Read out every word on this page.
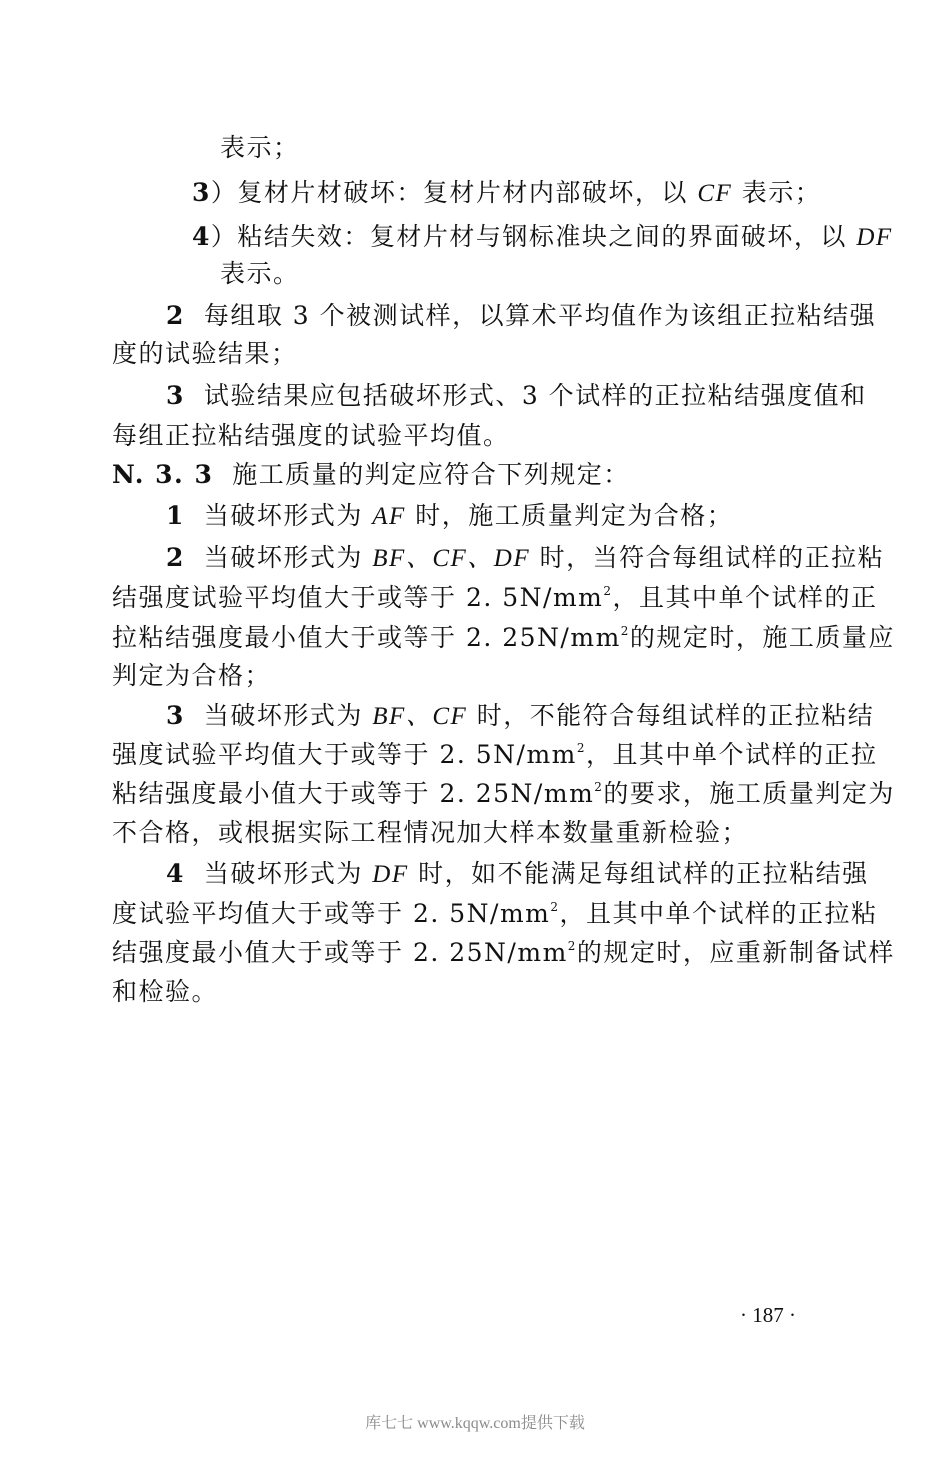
表示；
3）复材片材破坏：复材片材内部破坏，以 CF 表示；
4）粘结失效：复材片材与钢标准块之间的界面破坏，以 DF
表示。
2 每组取 3 个被测试样，以算术平均值作为该组正拉粘结强
度的试验结果；
3 试验结果应包括破坏形式、3 个试样的正拉粘结强度值和
每组正拉粘结强度的试验平均值。
N. 3. 3 施工质量的判定应符合下列规定：
1 当破坏形式为 AF 时，施工质量判定为合格；
2 当破坏形式为 BF、CF、DF 时，当符合每组试样的正拉粘
结强度试验平均值大于或等于 2. $5N/mm^2$，且其中单个试样的正
拉粘结强度最小值大于或等于 2. $25N/mm^2$的规定时，施工质量应
判定为合格；
3 当破坏形式为 BF、CF 时，不能符合每组试样的正拉粘结
强度试验平均值大于或等于 2. $5N/mm^2$，且其中单个试样的正拉
粘结强度最小值大于或等于 2. $25N/mm^2$的要求，施工质量判定为
不合格，或根据实际工程情况加大样本数量重新检验；
4 当破坏形式为 DF 时，如不能满足每组试样的正拉粘结强
度试验平均值大于或等于 2. $5N/mm^2$，且其中单个试样的正拉粘
结强度最小值大于或等于 2. $25N/mm^2$的规定时，应重新制备试样
和检验。
· 187 ·
库七七 www.kqqw.com提供下载
